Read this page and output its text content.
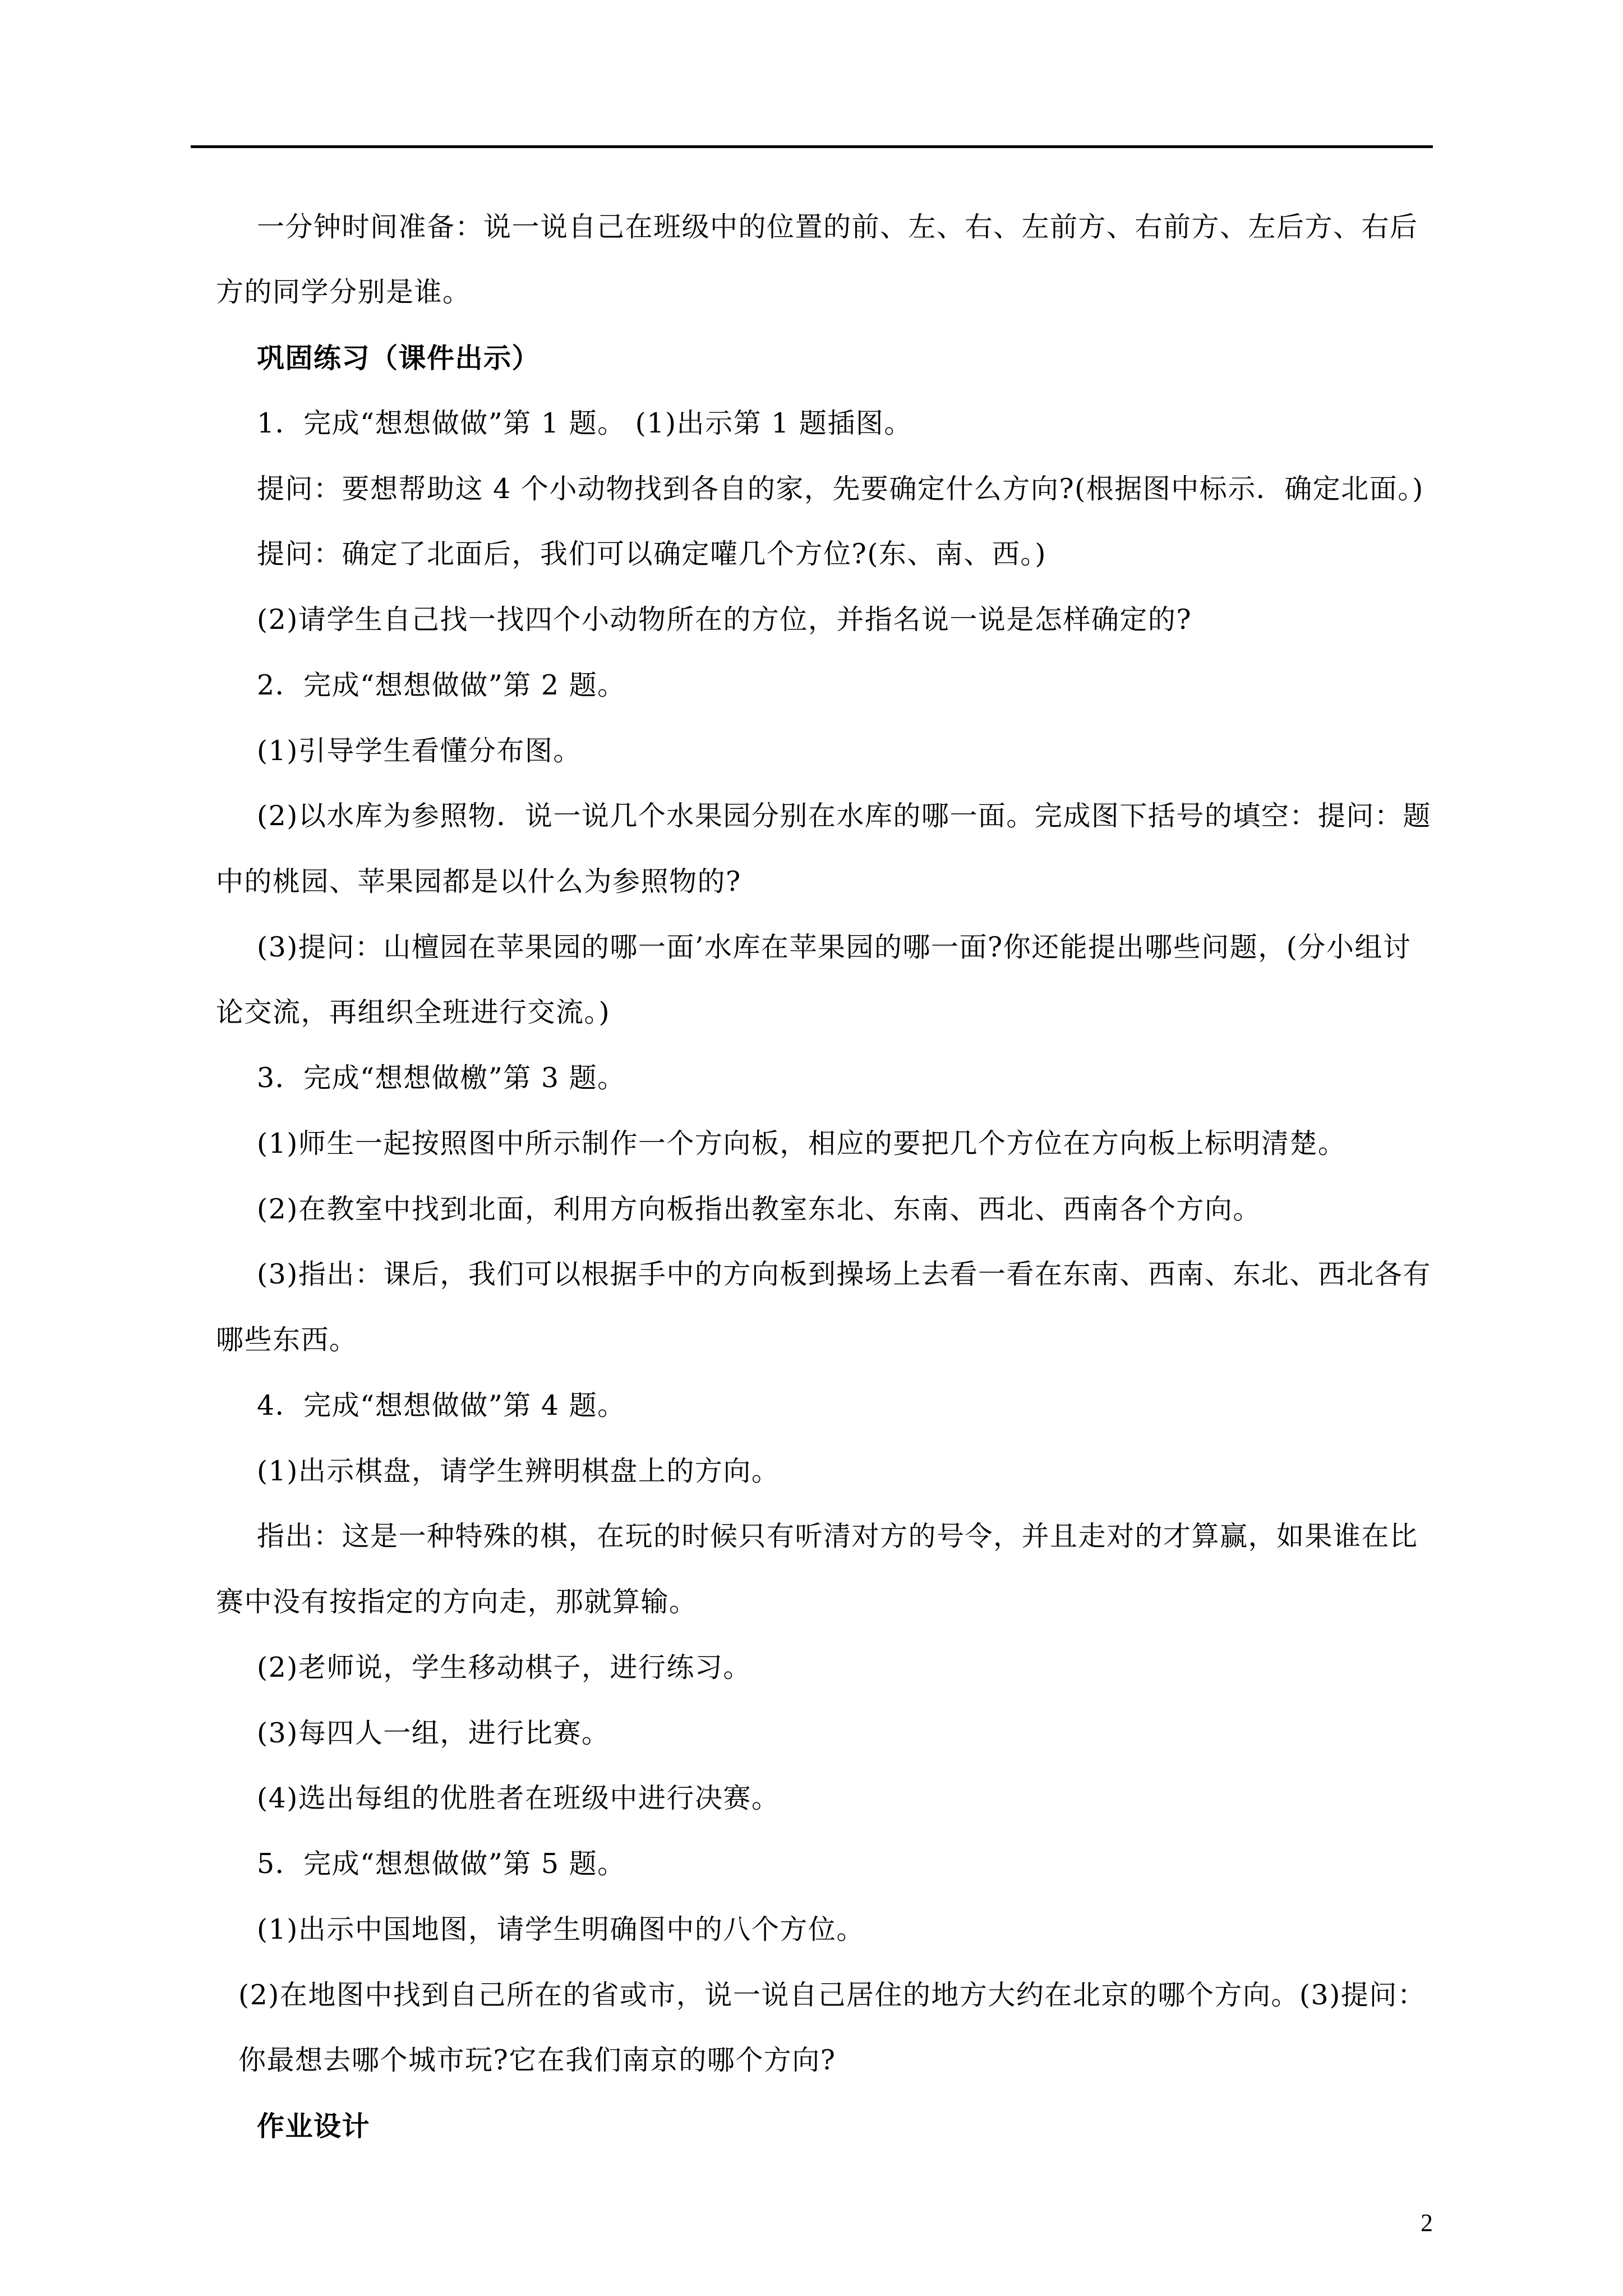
一分钟时间准备：说一说自己在班级中的位置的前、左、右、左前方、右前方、左后方、右后
方的同学分别是谁。
巩固练习（课件出示）
1．完成“想想做做”第 1 题。 (1)出示第 1 题插图。
提问：要想帮助这 4 个小动物找到各自的家，先要确定什么方向?(根据图中标示．确定北面。)
提问：确定了北面后，我们可以确定嚾几个方位?(东、南、西。)
(2)请学生自己找一找四个小动物所在的方位，并指名说一说是怎样确定的?
2．完成“想想做做”第 2 题。
(1)引导学生看懂分布图。
(2)以水库为参照物．说一说几个水果园分别在水库的哪一面。完成图下括号的填空：提问：题
中的桃园、苹果园都是以什么为参照物的?
(3)提问：山檀园在苹果园的哪一面’水库在苹果园的哪一面?你还能提出哪些问题，(分小组讨
论交流，再组织全班进行交流。)
3．完成“想想做檄”第 3 题。
(1)师生一起按照图中所示制作一个方向板，相应的要把几个方位在方向板上标明清楚。
(2)在教室中找到北面，利用方向板指出教室东北、东南、西北、西南各个方向。
(3)指出：课后，我们可以根据手中的方向板到操场上去看一看在东南、西南、东北、西北各有
哪些东西。
4．完成“想想做做”第 4 题。
(1)出示棋盘，请学生辨明棋盘上的方向。
指出：这是一种特殊的棋，在玩的时候只有听清对方的号令，并且走对的才算赢，如果谁在比
赛中没有按指定的方向走，那就算输。
(2)老师说，学生移动棋子，进行练习。
(3)每四人一组，进行比赛。
(4)选出每组的优胜者在班级中进行决赛。
5．完成“想想做做”第 5 题。
(1)出示中国地图，请学生明确图中的八个方位。
(2)在地图中找到自己所在的省或市，说一说自己居住的地方大约在北京的哪个方向。(3)提问：
你最想去哪个城市玩?它在我们南京的哪个方向?
作业设计
2
